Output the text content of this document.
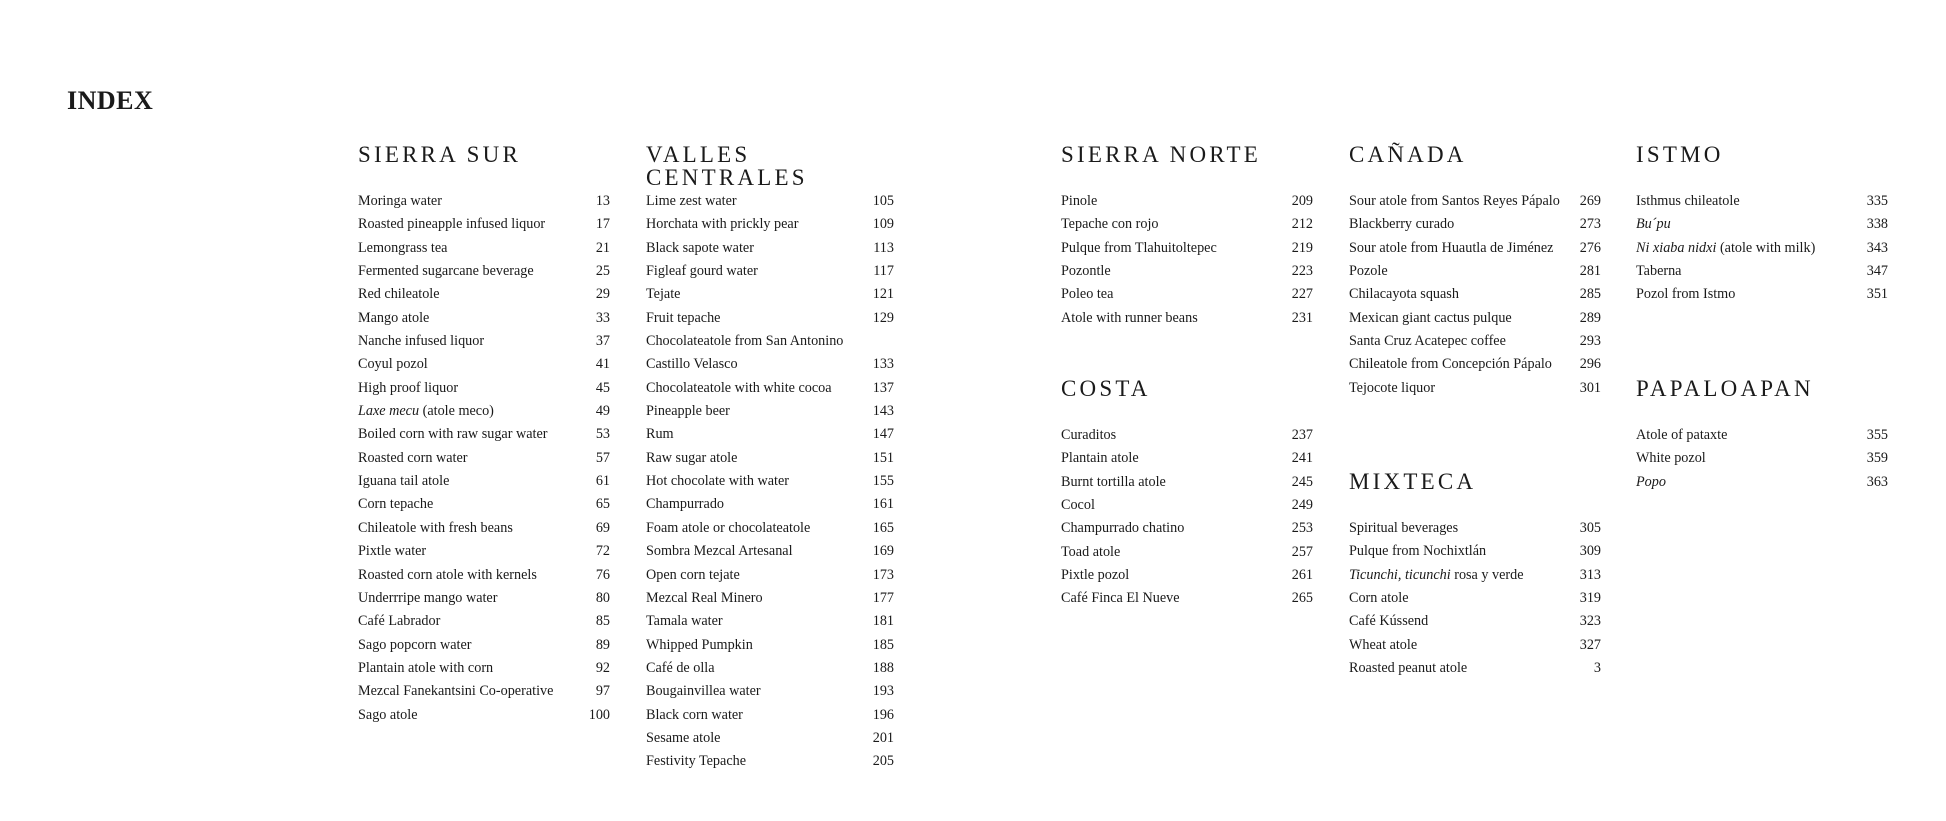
INDEX
SIERRA SUR
Moringa water	13
Roasted pineapple infused liquor	17
Lemongrass tea	21
Fermented sugarcane beverage	25
Red chileatole	29
Mango atole	33
Nanche infused liquor	37
Coyul pozol	41
High proof liquor	45
Laxe mecu (atole meco)	49
Boiled corn with raw sugar water	53
Roasted corn water	57
Iguana tail atole	61
Corn tepache	65
Chileatole with fresh beans	69
Pixtle water	72
Roasted corn atole with kernels	76
Underrripe mango water	80
Café Labrador	85
Sago popcorn water	89
Plantain atole with corn	92
Mezcal Fanekantsini Co-operative	97
Sago atole	100
VALLES CENTRALES
Lime zest water	105
Horchata with prickly pear	109
Black sapote water	113
Figleaf gourd water	117
Tejate	121
Fruit tepache	129
Chocolateatole from San Antonino
Castillo Velasco	133
Chocolateatole with white cocoa	137
Pineapple beer	143
Rum	147
Raw sugar atole	151
Hot chocolate with water	155
Champurrado	161
Foam atole or chocolateatole	165
Sombra Mezcal Artesanal	169
Open corn tejate	173
Mezcal Real Minero	177
Tamala water	181
Whipped Pumpkin	185
Café de olla	188
Bougainvillea water	193
Black corn water	196
Sesame atole	201
Festivity Tepache	205
SIERRA NORTE
Pinole	209
Tepache con rojo	212
Pulque from Tlahuitoltepec	219
Pozontle	223
Poleo tea	227
Atole with runner beans	231
COSTA
Curaditos	237
Plantain atole	241
Burnt tortilla atole	245
Cocol	249
Champurrado chatino	253
Toad atole	257
Pixtle pozol	261
Café Finca El Nueve	265
CAÑADA
Sour atole from Santos Reyes Pápalo 269
Blackberry curado	273
Sour atole from Huautla de Jiménez 276
Pozole	281
Chilacayota squash	285
Mexican giant cactus pulque	289
Santa Cruz Acatepec coffee	293
Chileatole from Concepción Pápalo 296
Tejocote liquor	301
MIXTECA
Spiritual beverages	305
Pulque from Nochixtlán	309
Ticunchi, ticunchi rosa y verde	313
Corn atole	319
Café Kússend	323
Wheat atole	327
Roasted peanut atole	3
ISTMO
Isthmus chileatole	335
Bu´pu	338
Ni xiaba nidxi (atole with milk)	343
Taberna	347
Pozol from Istmo	351
PAPALOAPAN
Atole of pataxte	355
White pozol	359
Popo	363
